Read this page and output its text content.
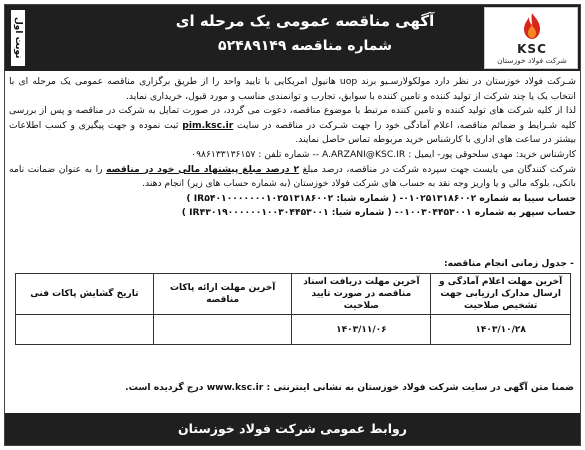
KSC
شرکت فولاد خوزستان
آگهی مناقصه عمومی یک مرحله ای
شماره مناقصه ۵۲۴۸۹۱۴۹
نوبت اول

شـرکت فولاد خوزستان در نظر دارد مولکولارسـیو برند uop هانیول امریکایی با تایید واحد را از طریق برگزاری مناقصه عمومی یک مرحله ای با انتخاب یک یا چند شرکت از تولید کننده و تامین کننده با سوابق، تجارب و توانمندی مناسب و مورد قبول، خریداری نماید.

لذا از کلیه شرکت های تولید کننده و تامین کننده مرتبط با موضوع مناقصه، دعوت می گردد، در صورت تمایل به شرکت در مناقصه و پس از بررسی کلیه شـرایط و ضمائم مناقصه، اعلام آمادگی خود را جهت شـرکت در مناقصه در سایت pim.ksc.ir ثبت نموده و جهت پیگیری و کسب اطلاعات بیشتر در ساعت های اداری با کارشناس خرید مربوطه تماس حاصل نمایند.

کارشناس خرید: مهدی سلحوقی پور- ایمیل : A.ARZANI@KSC.IR -- شماره تلفن : ۰۹۸۶۱۳۳۱۳۶۱۵۷

شرکت کنندگان می بایست جهت سپرده شرکت در مناقصه، درصد مبلغ ۲ درصد مبلغ پیشنهاد مالی خود در مناقصه را به عنوان ضمانت نامه بانکی، بلوکه مالی و یا واریز وجه نقد به حساب های شرکت فولاد خوزستان (به شماره حساب های زیر) انجام دهند.

حساب سیبا به شماره ۰۱۰۲۵۱۳۱۸۶۰۰۲- ( شماره شبا: IR۵۴۰۱۰۰۰۰۰۰۰۱۰۲۵۱۳۱۸۶۰۰۲ )

حساب سپهر به شماره ۰۱۰۰۳۰۴۴۵۳۰۰۱- ( شماره شبا: IR۴۳۰۱۹۰۰۰۰۰۰۱۰۰۳۰۴۴۵۳۰۰۱ )

- جدول زمانی انجام مناقصه:
آخرین مهلت اعلام آمادگی و ارسال مدارک ارزیابی جهت تشخیص صلاحیت	آخرین مهلت دریافت اسناد مناقصه در صورت تایید صلاحیت	آخرین مهلت ارائه پاکات مناقصه	تاریخ گشایش پاکات فنی
۱۴۰۳/۱۰/۲۸	۱۴۰۳/۱۱/۰۶		
ضمنا متن آگهی در سایت شرکت فولاد خوزستان به نشانی اینترنتی : www.ksc.ir درج گردیده است.
روابط عمومی شرکت فولاد خوزستان
